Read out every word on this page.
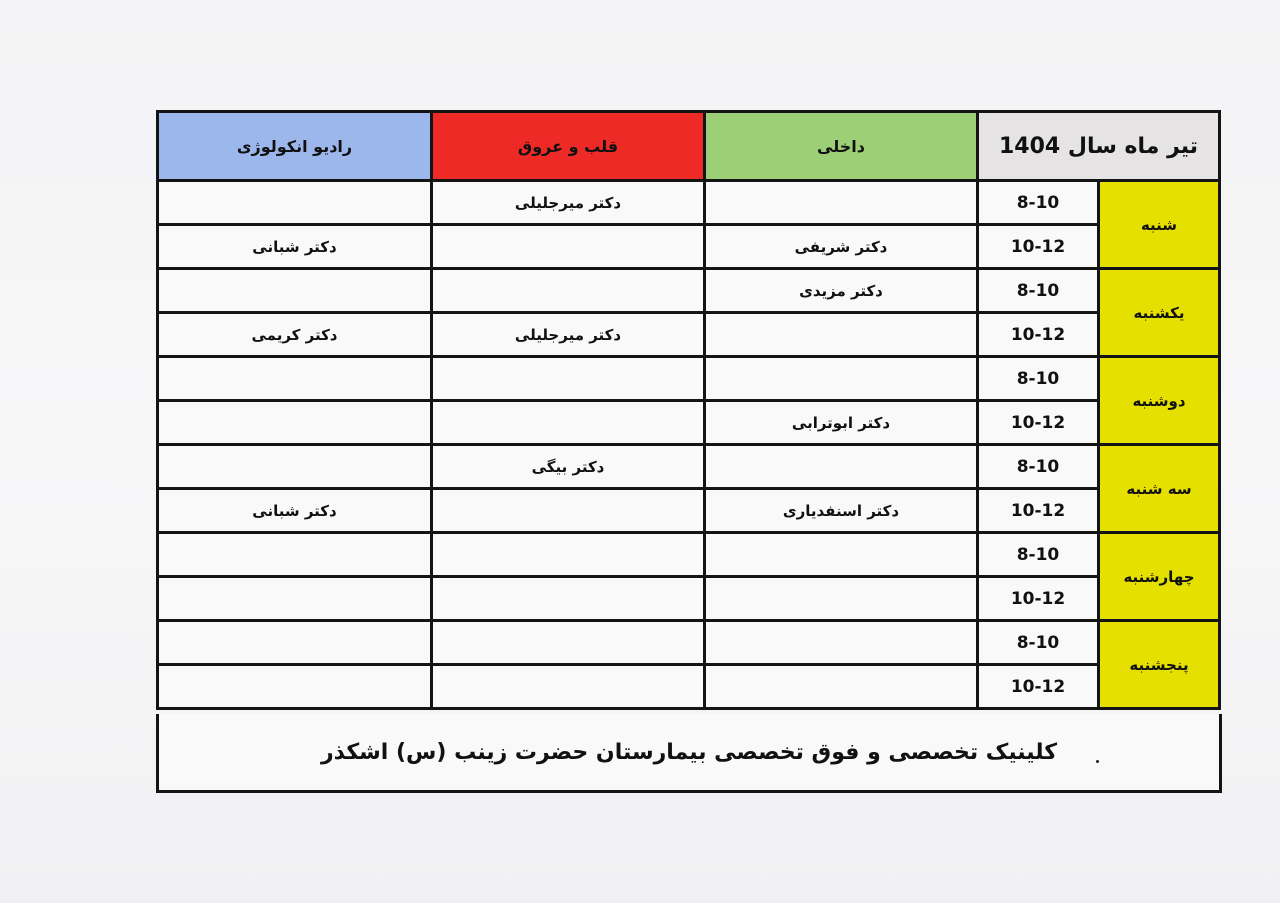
تیر ماه سال 1404		داخلی	قلب و عروق	رادیو انکولوژی
شنبه	8-10		دکتر میرجلیلی	
	10-12	دکتر شریفی		دکتر شبانی
یکشنبه	8-10	دکتر مزیدی		
	10-12		دکتر میرجلیلی	دکتر کریمی
دوشنبه	8-10			
	10-12	دکتر ابوترابی		
سه شنبه	8-10		دکتر بیگی	
	10-12	دکتر اسنفدیاری		دکتر شبانی
چهارشنبه	8-10			
	10-12			
پنجشنبه	8-10			
	10-12			
کلینیک تخصصی و فوق تخصصی بیمارستان حضرت زینب (س) اشکذر
